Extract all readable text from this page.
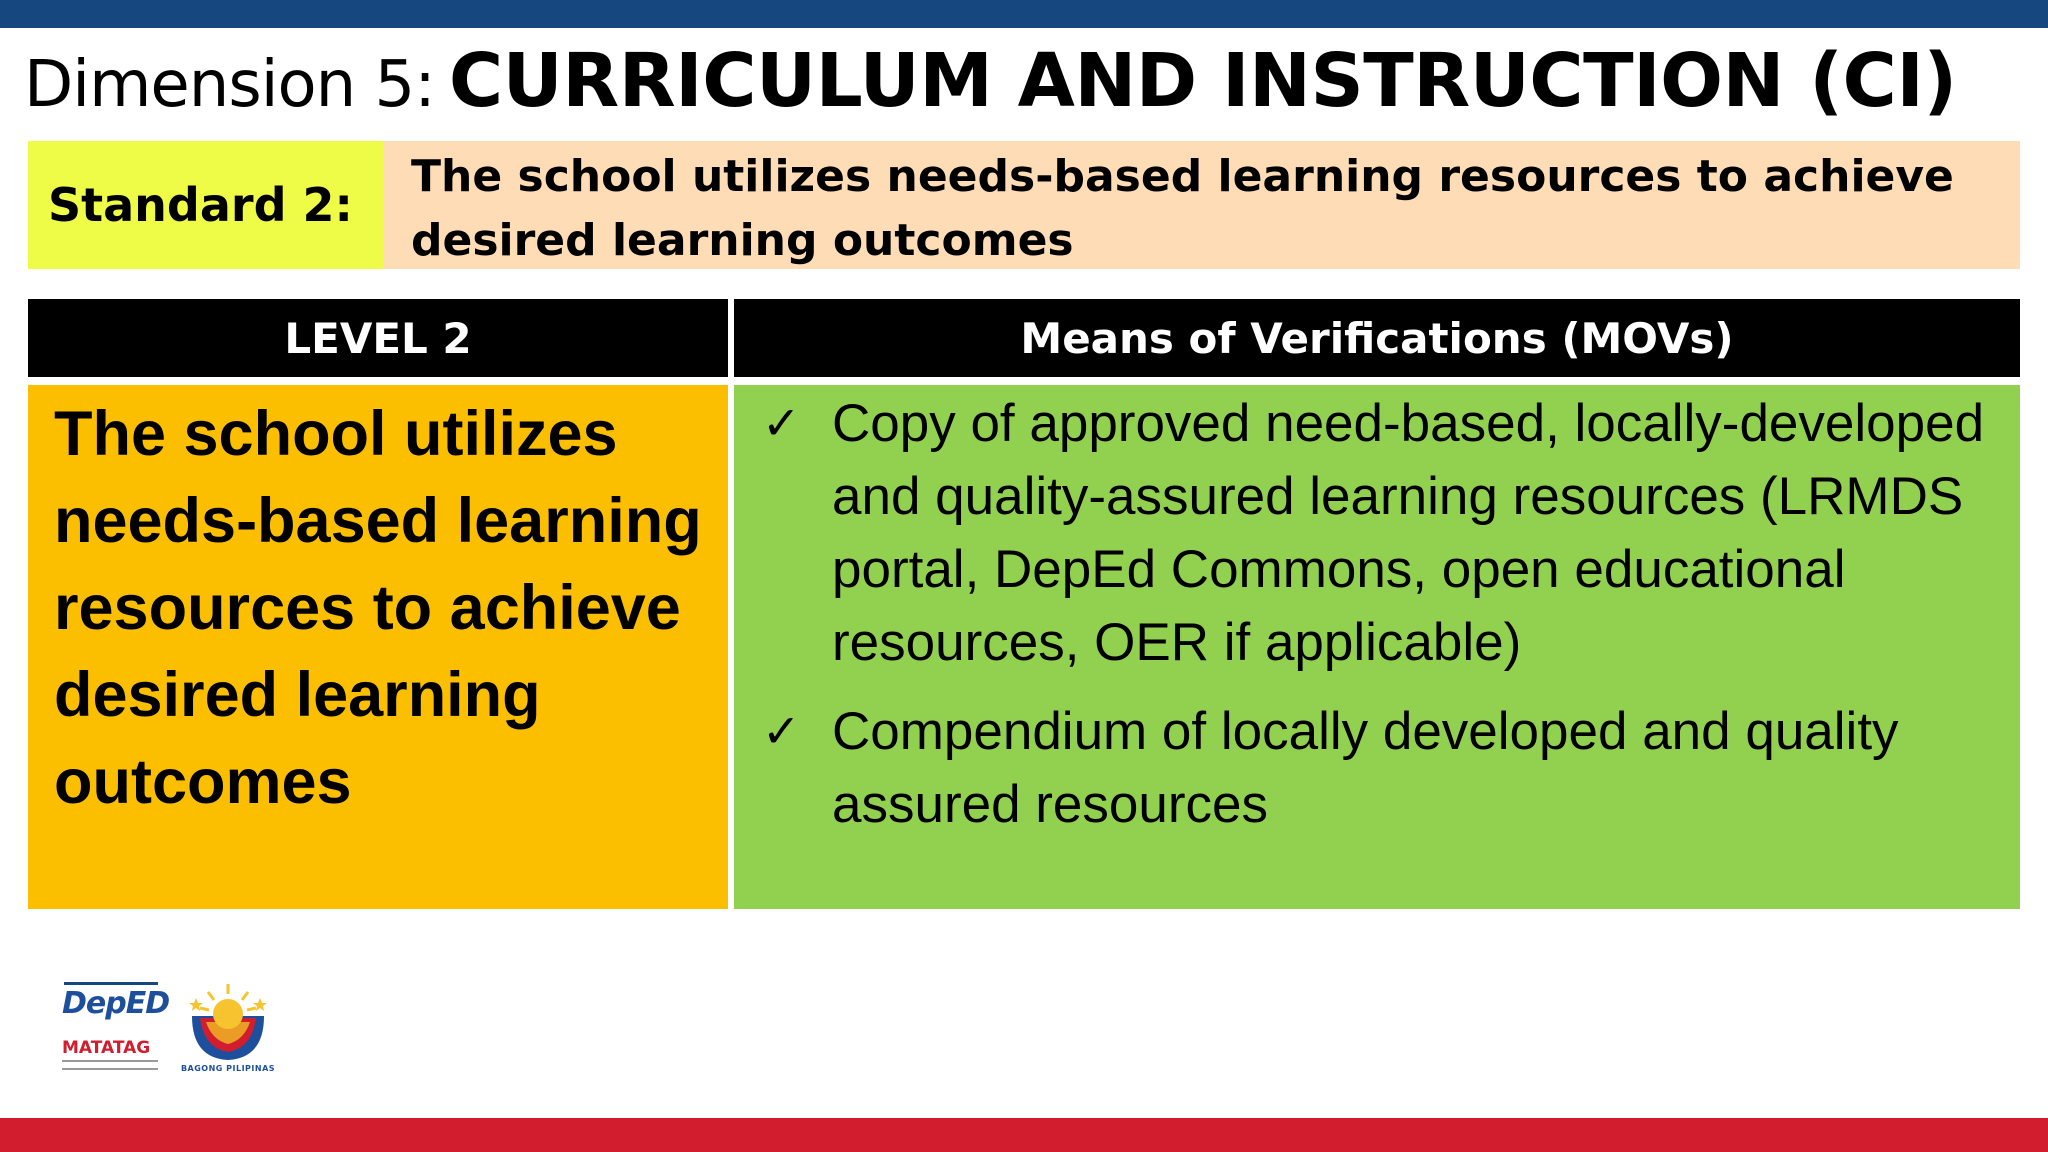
Dimension 5: CURRICULUM AND INSTRUCTION (CI)
Standard 2:
The school utilizes needs-based learning resources to achieve desired learning outcomes
LEVEL 2	Means of Verifications (MOVs)
The school utilizes needs-based learning resources to achieve desired learning outcomes
✓ Copy of approved need-based, locally-developed and quality-assured learning resources (LRMDS portal, DepEd Commons, open educational resources, OER if applicable)
✓ Compendium of locally developed and quality assured resources
DepED
MATATAG
BAGONG PILIPINAS
